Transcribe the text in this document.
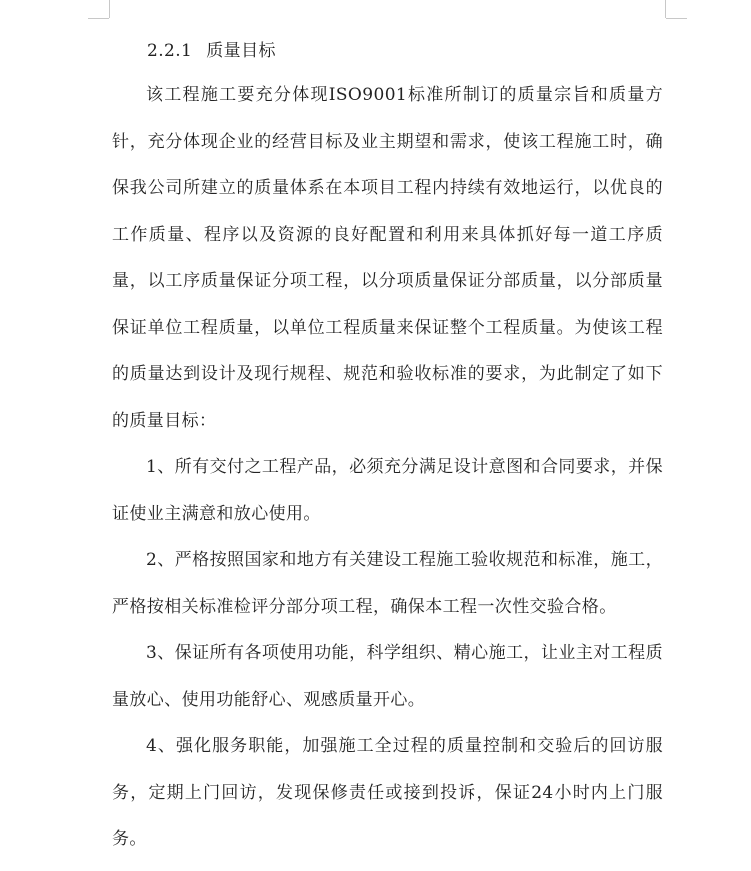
2.2.1 质量目标

该工程施工要充分体现ISO9001标准所制订的质量宗旨和质量方针，充分体现企业的经营目标及业主期望和需求，使该工程施工时，确保我公司所建立的质量体系在本项目工程内持续有效地运行，以优良的工作质量、程序以及资源的良好配置和利用来具体抓好每一道工序质量，以工序质量保证分项工程，以分项质量保证分部质量，以分部质量保证单位工程质量，以单位工程质量来保证整个工程质量。为使该工程的质量达到设计及现行规程、规范和验收标准的要求，为此制定了如下的质量目标：

1、所有交付之工程产品，必须充分满足设计意图和合同要求，并保证使业主满意和放心使用。

2、严格按照国家和地方有关建设工程施工验收规范和标准，施工，严格按相关标准检评分部分项工程，确保本工程一次性交验合格。

3、保证所有各项使用功能，科学组织、精心施工，让业主对工程质量放心、使用功能舒心、观感质量开心。

4、强化服务职能，加强施工全过程的质量控制和交验后的回访服务，定期上门回访，发现保修责任或接到投诉，保证24小时内上门服务。
